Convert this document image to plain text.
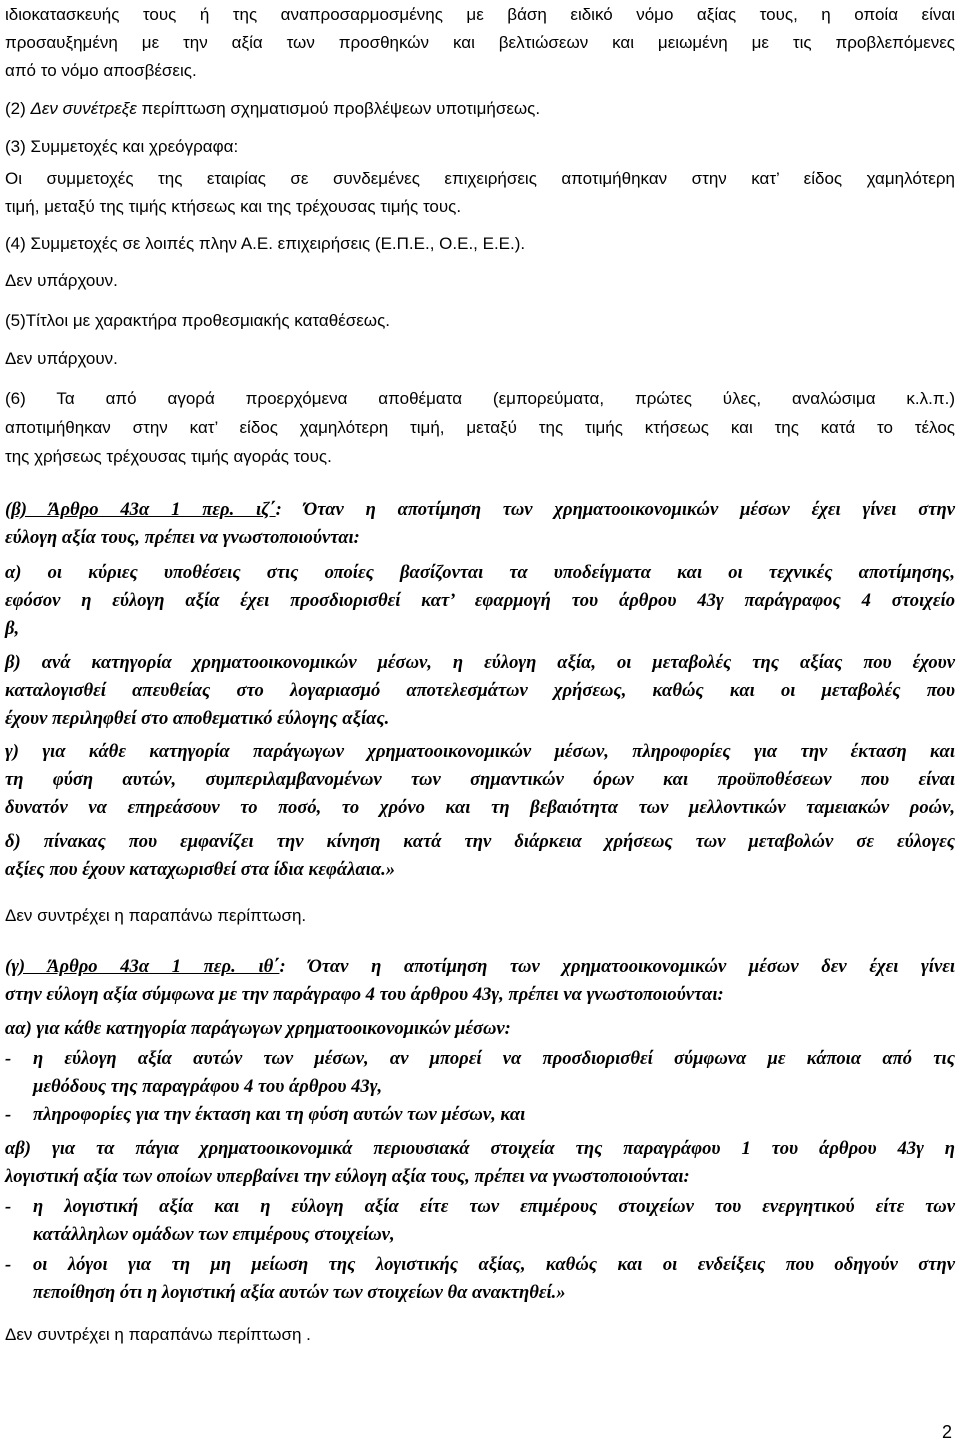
ιδιοκατασκευής τους ή της αναπροσαρμοσμένης με βάση ειδικό νόμο αξίας τους, η οποία είναι
προσαυξημένη με την αξία των προσθηκών και βελτιώσεων και μειωμένη με τις προβλεπόμενες
από το νόμο αποσβέσεις.
(2) Δεν συνέτρεξε περίπτωση σχηματισμού προβλέψεων υποτιμήσεως.
(3) Συμμετοχές και χρεόγραφα:
Οι συμμετοχές της εταιρίας σε συνδεμένες επιχειρήσεις αποτιμήθηκαν στην κατ’ είδος χαμηλότερη
τιμή, μεταξύ της τιμής κτήσεως και της τρέχουσας τιμής τους.
(4) Συμμετοχές σε λοιπές πλην Α.Ε. επιχειρήσεις (Ε.Π.Ε., Ο.Ε., Ε.Ε.).
Δεν υπάρχουν.
(5)Τίτλοι με χαρακτήρα προθεσμιακής καταθέσεως.
Δεν υπάρχουν.
(6) Τα από αγορά προερχόμενα αποθέματα (εμπορεύματα, πρώτες ύλες, αναλώσιμα κ.λ.π.)
αποτιμήθηκαν στην κατ’ είδος χαμηλότερη τιμή, μεταξύ της τιμής κτήσεως και της κατά το τέλος
της χρήσεως τρέχουσας τιμής αγοράς τους.
(β) Άρθρο 43α 1 περ. ιζ΄: Όταν η αποτίμηση των χρηματοοικονομικών μέσων έχει γίνει στην
εύλογη αξία τους, πρέπει να γνωστοποιούνται:
α) οι κύριες υποθέσεις στις οποίες βασίζονται τα υποδείγματα και οι τεχνικές αποτίμησης,
εφόσον η εύλογη αξία έχει προσδιορισθεί κατ’ εφαρμογή του άρθρου 43γ παράγραφος 4 στοιχείο
β,
β) ανά κατηγορία χρηματοοικονομικών μέσων, η εύλογη αξία, οι μεταβολές της αξίας που έχουν
καταλογισθεί απευθείας στο λογαριασμό αποτελεσμάτων χρήσεως, καθώς και οι μεταβολές που
έχουν περιληφθεί στο αποθεματικό εύλογης αξίας.
γ) για κάθε κατηγορία παράγωγων χρηματοοικονομικών μέσων, πληροφορίες για την έκταση και
τη φύση αυτών, συμπεριλαμβανομένων των σημαντικών όρων και προϋποθέσεων που είναι
δυνατόν να επηρεάσουν το ποσό, το χρόνο και τη βεβαιότητα των μελλοντικών ταμειακών ροών,
δ) πίνακας που εμφανίζει την κίνηση κατά την διάρκεια χρήσεως των μεταβολών σε εύλογες
αξίες που έχουν καταχωρισθεί στα ίδια κεφάλαια.»
Δεν συντρέχει η παραπάνω περίπτωση.
(γ) Άρθρο 43α 1 περ. ιθ΄: Όταν η αποτίμηση των χρηματοοικονομικών μέσων δεν έχει γίνει
στην εύλογη αξία σύμφωνα με την παράγραφο 4 του άρθρου 43γ, πρέπει να γνωστοποιούνται:
αα) για κάθε κατηγορία παράγωγων χρηματοοικονομικών μέσων:
- η εύλογη αξία αυτών των μέσων, αν μπορεί να προσδιορισθεί σύμφωνα με κάποια από τις
μεθόδους της παραγράφου 4 του άρθρου 43γ,
- πληροφορίες για την έκταση και τη φύση αυτών των μέσων, και
αβ) για τα πάγια χρηματοοικονομικά περιουσιακά στοιχεία της παραγράφου 1 του άρθρου 43γ η
λογιστική αξία των οποίων υπερβαίνει την εύλογη αξία τους, πρέπει να γνωστοποιούνται:
- η λογιστική αξία και η εύλογη αξία είτε των επιμέρους στοιχείων του ενεργητικού είτε των
κατάλληλων ομάδων των επιμέρους στοιχείων,
- οι λόγοι για τη μη μείωση της λογιστικής αξίας, καθώς και οι ενδείξεις που οδηγούν στην
πεποίθηση ότι η λογιστική αξία αυτών των στοιχείων θα ανακτηθεί.»
Δεν συντρέχει η παραπάνω περίπτωση .
2
